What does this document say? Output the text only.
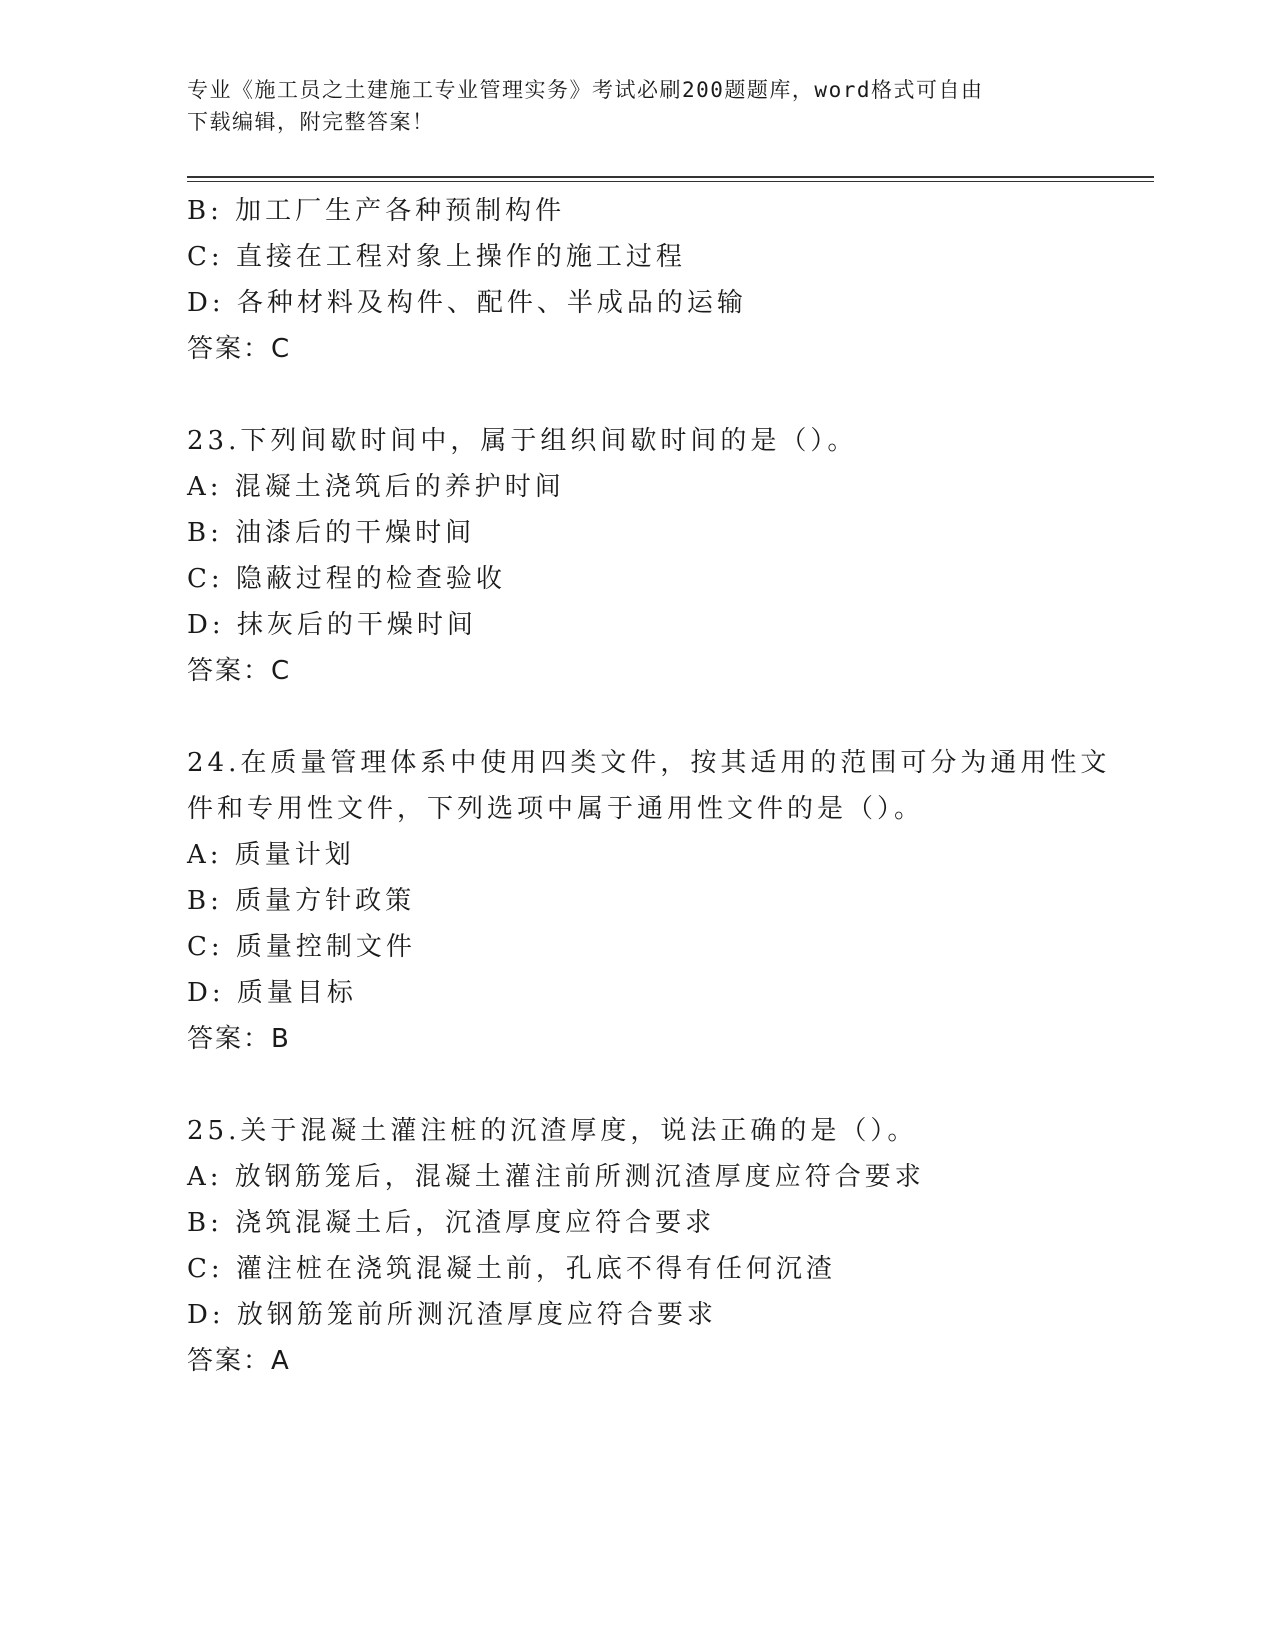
专业《施工员之土建施工专业管理实务》考试必刷200题题库，word格式可自由
下载编辑，附完整答案！
B: 加工厂生产各种预制构件
C: 直接在工程对象上操作的施工过程
D: 各种材料及构件、配件、半成品的运输
答案：C
23.下列间歇时间中，属于组织间歇时间的是（）。
A: 混凝土浇筑后的养护时间
B: 油漆后的干燥时间
C: 隐蔽过程的检查验收
D: 抹灰后的干燥时间
答案：C
24.在质量管理体系中使用四类文件，按其适用的范围可分为通用性文
件和专用性文件，下列选项中属于通用性文件的是（）。
A: 质量计划
B: 质量方针政策
C: 质量控制文件
D: 质量目标
答案：B
25.关于混凝土灌注桩的沉渣厚度，说法正确的是（）。
A: 放钢筋笼后，混凝土灌注前所测沉渣厚度应符合要求
B: 浇筑混凝土后，沉渣厚度应符合要求
C: 灌注桩在浇筑混凝土前，孔底不得有任何沉渣
D: 放钢筋笼前所测沉渣厚度应符合要求
答案：A
